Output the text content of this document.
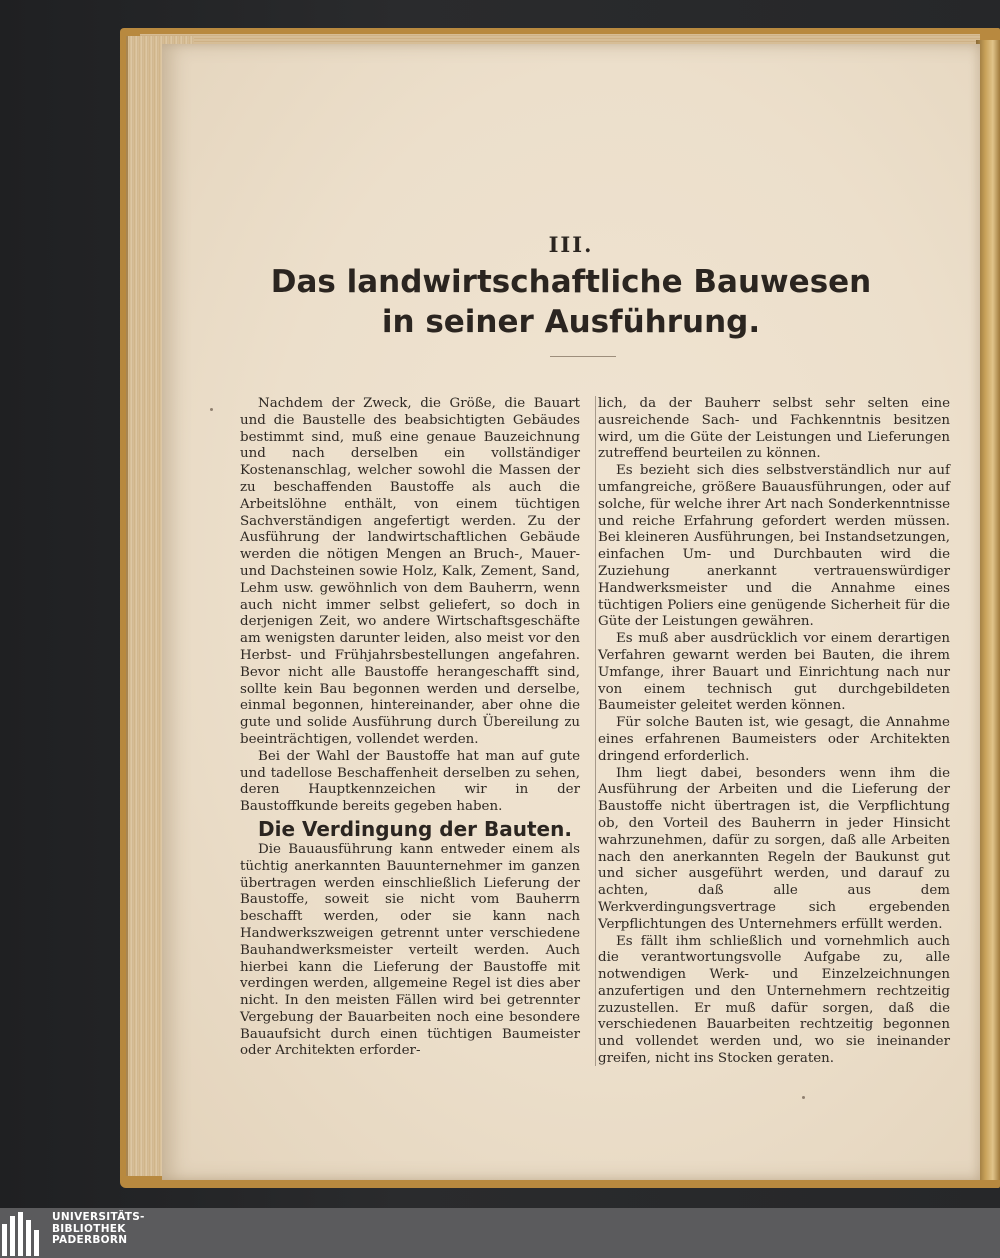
III.
Das landwirtschaftliche Bauwesen
in seiner Ausführung.

Nachdem der Zweck, die Größe, die Bauart und die Baustelle des beabsichtigten Gebäudes bestimmt sind, muß eine genaue Bauzeichnung und nach derselben ein vollständiger Kostenanschlag, welcher sowohl die Massen der zu beschaffenden Baustoffe als auch die Arbeitslöhne enthält, von einem tüchtigen Sachverständigen angefertigt werden. Zu der Ausführung der landwirtschaftlichen Gebäude werden die nötigen Mengen an Bruch-, Mauer- und Dachsteinen sowie Holz, Kalk, Zement, Sand, Lehm usw. gewöhnlich von dem Bauherrn, wenn auch nicht immer selbst geliefert, so doch in derjenigen Zeit, wo andere Wirtschaftsgeschäfte am wenigsten darunter leiden, also meist vor den Herbst- und Frühjahrsbestellungen angefahren. Bevor nicht alle Baustoffe herangeschafft sind, sollte kein Bau begonnen werden und derselbe, einmal begonnen, hintereinander, aber ohne die gute und solide Ausführung durch Übereilung zu beeinträchtigen, vollendet werden.

Bei der Wahl der Baustoffe hat man auf gute und tadellose Beschaffenheit derselben zu sehen, deren Hauptkennzeichen wir in der Baustoffkunde bereits gegeben haben.

Die Verdingung der Bauten.

Die Bauausführung kann entweder einem als tüchtig anerkannten Bauunternehmer im ganzen übertragen werden einschließlich Lieferung der Baustoffe, soweit sie nicht vom Bauherrn beschafft werden, oder sie kann nach Handwerkszweigen getrennt unter verschiedene Bauhandwerksmeister verteilt werden. Auch hierbei kann die Lieferung der Baustoffe mit verdingen werden, allgemeine Regel ist dies aber nicht. In den meisten Fällen wird bei getrennter Vergebung der Bauarbeiten noch eine besondere Bauaufsicht durch einen tüchtigen Baumeister oder Architekten erforder-

lich, da der Bauherr selbst sehr selten eine ausreichende Sach- und Fachkenntnis besitzen wird, um die Güte der Leistungen und Lieferungen zutreffend beurteilen zu können.

Es bezieht sich dies selbstverständlich nur auf umfangreiche, größere Bauausführungen, oder auf solche, für welche ihrer Art nach Sonderkenntnisse und reiche Erfahrung gefordert werden müssen. Bei kleineren Ausführungen, bei Instandsetzungen, einfachen Um- und Durchbauten wird die Zuziehung anerkannt vertrauenswürdiger Handwerksmeister und die Annahme eines tüchtigen Poliers eine genügende Sicherheit für die Güte der Leistungen gewähren.

Es muß aber ausdrücklich vor einem derartigen Verfahren gewarnt werden bei Bauten, die ihrem Umfange, ihrer Bauart und Einrichtung nach nur von einem technisch gut durchgebildeten Baumeister geleitet werden können.

Für solche Bauten ist, wie gesagt, die Annahme eines erfahrenen Baumeisters oder Architekten dringend erforderlich.

Ihm liegt dabei, besonders wenn ihm die Ausführung der Arbeiten und die Lieferung der Baustoffe nicht übertragen ist, die Verpflichtung ob, den Vorteil des Bauherrn in jeder Hinsicht wahrzunehmen, dafür zu sorgen, daß alle Arbeiten nach den anerkannten Regeln der Baukunst gut und sicher ausgeführt werden, und darauf zu achten, daß alle aus dem Werkverdingungsvertrage sich ergebenden Verpflichtungen des Unternehmers erfüllt werden.

Es fällt ihm schließlich und vornehmlich auch die verantwortungsvolle Aufgabe zu, alle notwendigen Werk- und Einzelzeichnungen anzufertigen und den Unternehmern rechtzeitig zuzustellen. Er muß dafür sorgen, daß die verschiedenen Bauarbeiten rechtzeitig begonnen und vollendet werden und, wo sie ineinander greifen, nicht ins Stocken geraten.

UNIVERSITÄTS-
BIBLIOTHEK
PADERBORN
